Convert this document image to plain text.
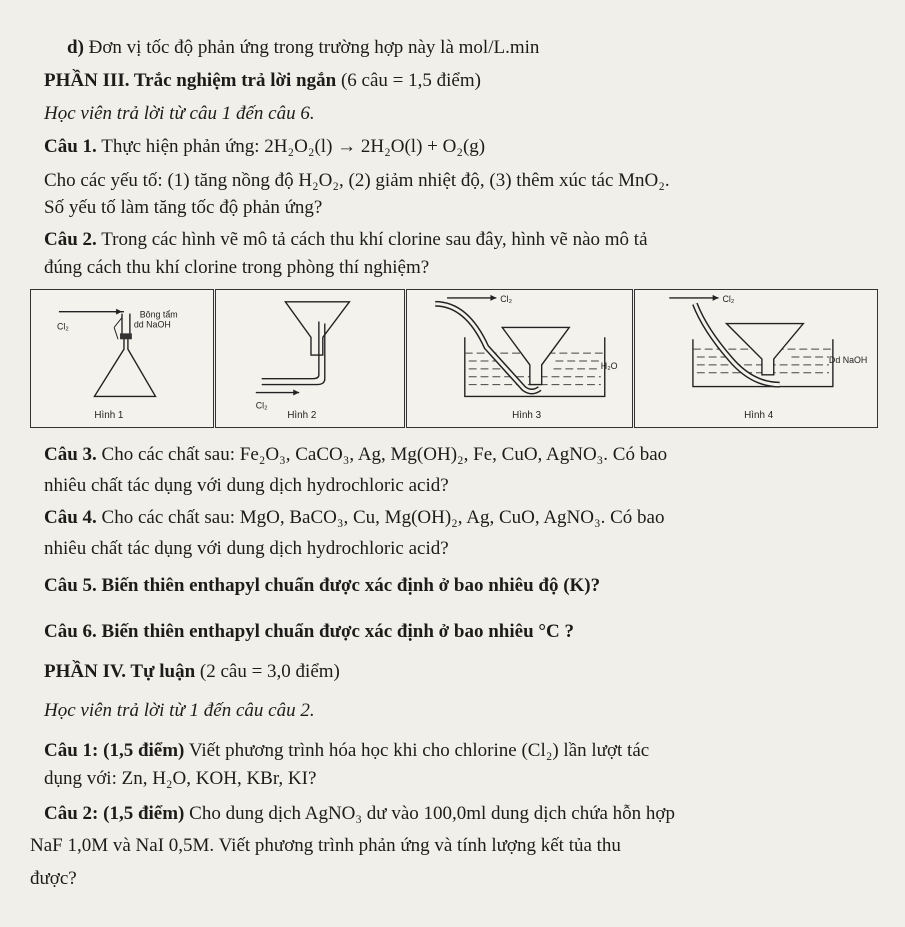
d) Đơn vị tốc độ phản ứng trong trường hợp này là mol/L.min
PHẦN III. Trắc nghiệm trả lời ngắn (6 câu = 1,5 điểm)
Học viên trả lời từ câu 1 đến câu 6.
Câu 1. Thực hiện phản ứng: 2H₂O₂(l) → 2H₂O(l) + O₂(g)
Cho các yếu tố: (1) tăng nồng độ H₂O₂, (2) giảm nhiệt độ, (3) thêm xúc tác MnO₂.
Số yếu tố làm tăng tốc độ phản ứng?
Câu 2. Trong các hình vẽ mô tả cách thu khí clorine sau đây, hình vẽ nào mô tả
đúng cách thu khí clorine trong phòng thí nghiệm?
Cl₂
Bông tẩm
dd NaOH
Hình 1
Cl₂
Hình 2
Cl₂
H₂O
Hình 3
Cl₂
Dd NaOH
Hình 4
Câu 3. Cho các chất sau: Fe₂O₃, CaCO₃, Ag, Mg(OH)₂, Fe, CuO, AgNO₃. Có bao
nhiêu chất tác dụng với dung dịch hydrochloric acid?
Câu 4. Cho các chất sau: MgO, BaCO₃, Cu, Mg(OH)₂, Ag, CuO, AgNO₃. Có bao
nhiêu chất tác dụng với dung dịch hydrochloric acid?
Câu 5. Biến thiên enthapyl chuẩn được xác định ở bao nhiêu độ (K)?
Câu 6. Biến thiên enthapyl chuẩn được xác định ở bao nhiêu °C ?
PHẦN IV. Tự luận (2 câu = 3,0 điểm)
Học viên trả lời từ 1 đến câu câu 2.
Câu 1: (1,5 điểm) Viết phương trình hóa học khi cho chlorine (Cl₂) lần lượt tác
dụng với: Zn, H₂O, KOH, KBr, KI?
Câu 2: (1,5 điểm) Cho dung dịch AgNO₃ dư vào 100,0ml dung dịch chứa hỗn hợp
NaF 1,0M và NaI 0,5M. Viết phương trình phản ứng và tính lượng kết tủa thu
được?
